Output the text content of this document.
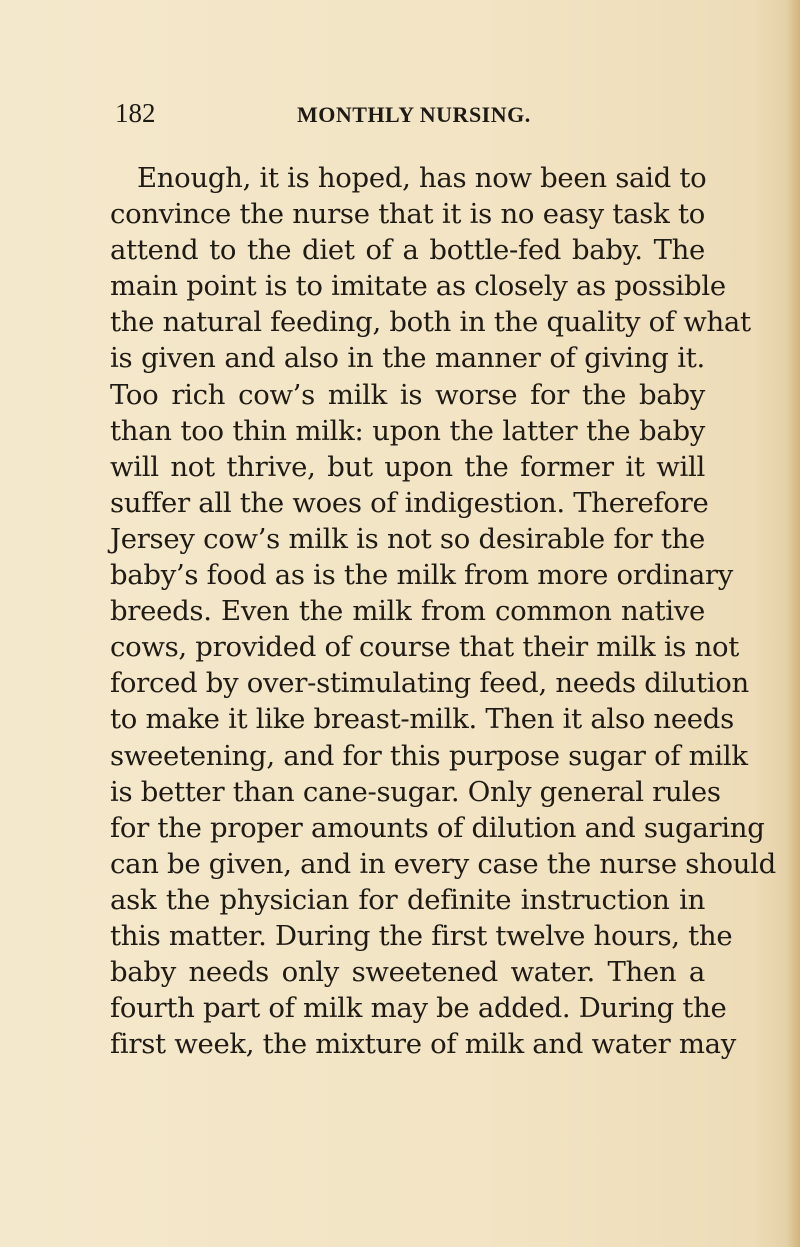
182	MONTHLY NURSING.
Enough, it is hoped, has now been said to
convince the nurse that it is no easy task to
attend to the diet of a bottle-fed baby. The
main point is to imitate as closely as possible
the natural feeding, both in the quality of what
is given and also in the manner of giving it.
Too rich cow’s milk is worse for the baby
than too thin milk: upon the latter the baby
will not thrive, but upon the former it will
suffer all the woes of indigestion. Therefore
Jersey cow’s milk is not so desirable for the
baby’s food as is the milk from more ordinary
breeds. Even the milk from common native
cows, provided of course that their milk is not
forced by over-stimulating feed, needs dilution
to make it like breast-milk. Then it also needs
sweetening, and for this purpose sugar of milk
is better than cane-sugar. Only general rules
for the proper amounts of dilution and sugaring
can be given, and in every case the nurse should
ask the physician for definite instruction in
this matter. During the first twelve hours, the
baby needs only sweetened water. Then a
fourth part of milk may be added. During the
first week, the mixture of milk and water may
